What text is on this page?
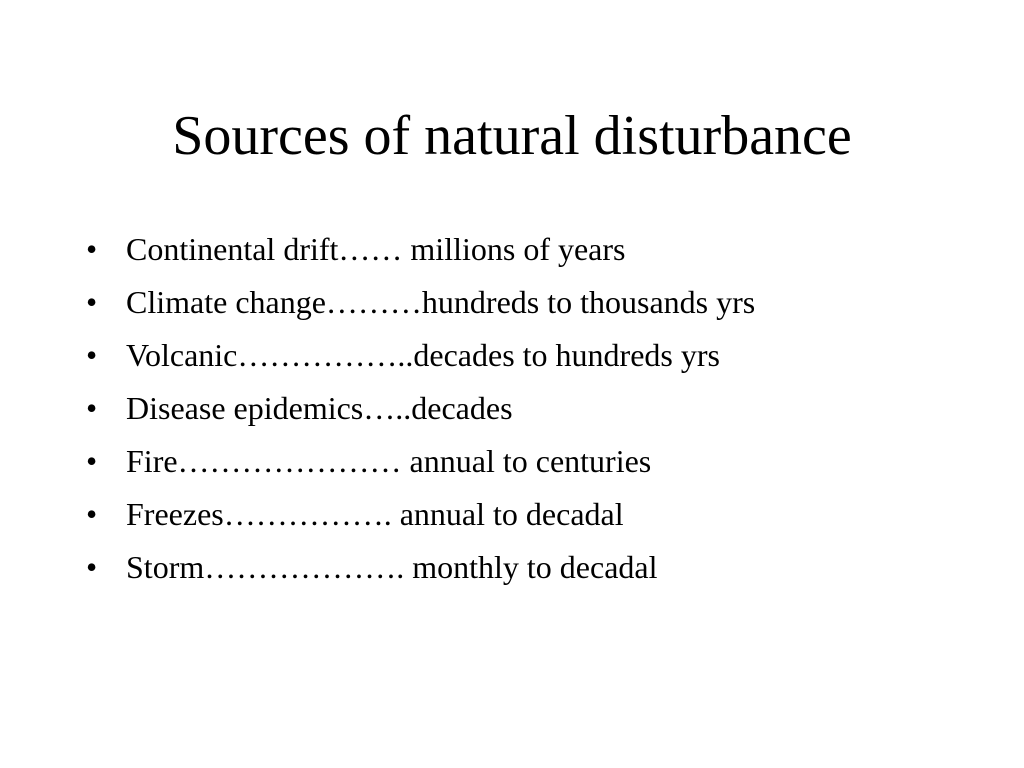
Sources of natural disturbance
• Continental drift…… millions of years
• Climate change………hundreds to thousands yrs
• Volcanic……………..decades to hundreds yrs
• Disease epidemics…..decades
• Fire………………… annual to centuries
• Freezes……………. annual to decadal
• Storm………………. monthly to decadal
